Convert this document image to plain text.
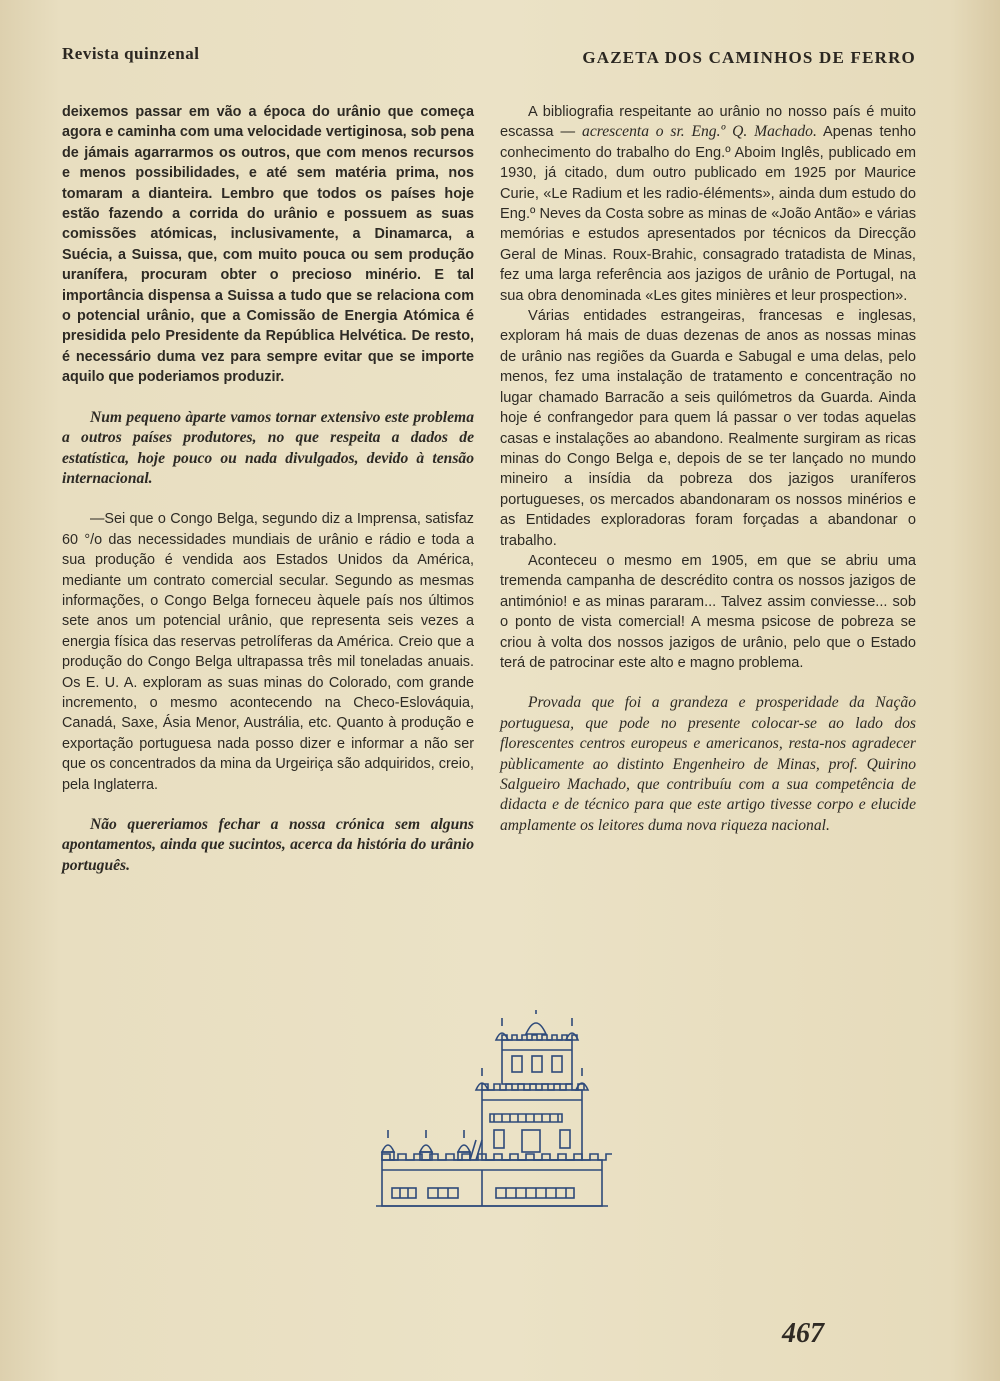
Revista quinzenal	GAZETA DOS CAMINHOS DE FERRO

deixemos passar em vão a época do urânio que começa agora e caminha com uma velocidade vertiginosa, sob pena de jámais agarrarmos os outros, que com menos recursos e menos possibilidades, e até sem matéria prima, nos tomaram a dianteira. Lembro que todos os países hoje estão fazendo a corrida do urânio e possuem as suas comissões atómicas, inclusivamente, a Dinamarca, a Suécia, a Suissa, que, com muito pouca ou sem produção uranífera, procuram obter o precioso minério. E tal importância dispensa a Suissa a tudo que se relaciona com o potencial urânio, que a Comissão de Energia Atómica é presidida pelo Presidente da República Helvética. De resto, é necessário duma vez para sempre evitar que se importe aquilo que poderiamos produzir.

Num pequeno àparte vamos tornar extensivo este problema a outros países produtores, no que respeita a dados de estatística, hoje pouco ou nada divulgados, devido à tensão internacional.

—Sei que o Congo Belga, segundo diz a Imprensa, satisfaz 60 °/o das necessidades mundiais de urânio e rádio e toda a sua produção é vendida aos Estados Unidos da América, mediante um contrato comercial secular. Segundo as mesmas informações, o Congo Belga forneceu àquele país nos últimos sete anos um potencial urânio, que representa seis vezes a energia física das reservas petrolíferas da América. Creio que a produção do Congo Belga ultrapassa três mil toneladas anuais. Os E. U. A. exploram as suas minas do Colorado, com grande incremento, o mesmo acontecendo na Checo-Eslováquia, Canadá, Saxe, Ásia Menor, Austrália, etc. Quanto à produção e exportação portuguesa nada posso dizer e informar a não ser que os concentrados da mina da Urgeiriça são adquiridos, creio, pela Inglaterra.

Não quereriamos fechar a nossa crónica sem alguns apontamentos, ainda que sucintos, acerca da história do urânio português.

A bibliografia respeitante ao urânio no nosso país é muito escassa — acrescenta o sr. Eng.º Q. Machado. Apenas tenho conhecimento do trabalho do Eng.º Aboim Inglês, publicado em 1930, já citado, dum outro publicado em 1925 por Maurice Curie, «Le Radium et les radio-éléments», ainda dum estudo do Eng.º Neves da Costa sobre as minas de «João Antão» e várias memórias e estudos apresentados por técnicos da Direcção Geral de Minas. Roux-Brahic, consagrado tratadista de Minas, fez uma larga referência aos jazigos de urânio de Portugal, na sua obra denominada «Les gites minières et leur prospection».

Várias entidades estrangeiras, francesas e inglesas, exploram há mais de duas dezenas de anos as nossas minas de urânio nas regiões da Guarda e Sabugal e uma delas, pelo menos, fez uma instalação de tratamento e concentração no lugar chamado Barracão a seis quilómetros da Guarda. Ainda hoje é confrangedor para quem lá passar o ver todas aquelas casas e instalações ao abandono. Realmente surgiram as ricas minas do Congo Belga e, depois de se ter lançado no mundo mineiro a insídia da pobreza dos jazigos uraníferos portugueses, os mercados abandonaram os nossos minérios e as Entidades exploradoras foram forçadas a abandonar o trabalho.

Aconteceu o mesmo em 1905, em que se abriu uma tremenda campanha de descrédito contra os nossos jazigos de antimónio! e as minas pararam... Talvez assim conviesse... sob o ponto de vista comercial! A mesma psicose de pobreza se criou à volta dos nossos jazigos de urânio, pelo que o Estado terá de patrocinar este alto e magno problema.

Provada que foi a grandeza e prosperidade da Nação portuguesa, que pode no presente colocar-se ao lado dos florescentes centros europeus e americanos, resta-nos agradecer pùblicamente ao distinto Engenheiro de Minas, prof. Quirino Salgueiro Machado, que contribuíu com a sua competência de didacta e de técnico para que este artigo tivesse corpo e elucide amplamente os leitores duma nova riqueza nacional.

467
